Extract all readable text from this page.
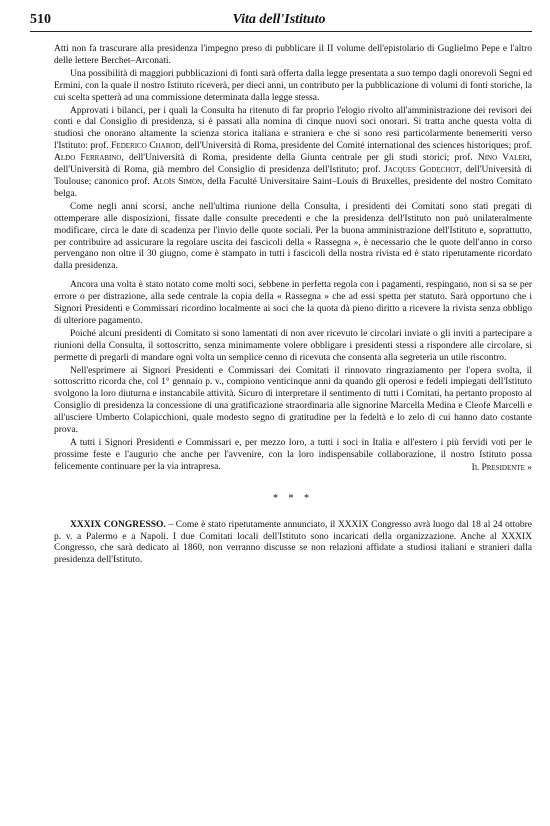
510	Vita dell'Istituto

Atti non fa trascurare alla presidenza l'impegno preso di pubblicare il II volume dell'epistolario di Guglielmo Pepe e l'altro delle lettere Berchet–Arconati.

Una possibilità di maggiori pubblicazioni di fonti sarà offerta dalla legge presentata a suo tempo dagli onorevoli Segni ed Ermini, con la quale il nostro Istituto riceverà, per dieci anni, un contributo per la pubblicazione di volumi di fonti storiche, la cui scelta spetterà ad una commissione determinata dalla legge stessa.

Approvati i bilanci, per i quali la Consulta ha ritenuto di far proprio l'elogio rivolto all'amministrazione dei revisori dei conti e dal Consiglio di presidenza, si è passati alla nomina di cinque nuovi soci onorari. Si tratta anche questa volta di studiosi che onorano altamente la scienza storica italiana e straniera e che si sono resi particolarmente benemeriti verso l'Istituto: prof. Federico Chabod, dell'Università di Roma, presidente del Comité international des sciences historiques; prof. Aldo Ferrabino, dell'Università di Roma, presidente della Giunta centrale per gli studi storici; prof. Nino Valeri, dell'Università di Roma, già membro del Consiglio di presidenza dell'Istituto; prof. Jacques Godechot, dell'Università di Toulouse; canonico prof. Aloïs Simon, della Faculté Universitaire Saint–Louis di Bruxelles, presidente del nostro Comitato belga.

Come negli anni scorsi, anche nell'ultima riunione della Consulta, i presidenti dei Comitati sono stati pregati di ottemperare alle disposizioni, fissate dalle consulte precedenti e che la presidenza dell'Istituto non può unilateralmente modificare, circa le date di scadenza per l'invio delle quote sociali. Per la buona amministrazione dell'Istituto e, soprattutto, per contribuire ad assicurare la regolare uscita dei fascicoli della « Rassegna », è necessario che le quote dell'anno in corso pervengano non oltre il 30 giugno, come è stampato in tutti i fascicoli della nostra rivista ed è stato ripetutamente ricordato dalla presidenza.

Ancora una volta è stato notato come molti soci, sebbene in perfetta regola con i pagamenti, respingano, non si sa se per errore o per distrazione, alla sede centrale la copia della « Rassegna » che ad essi spetta per statuto. Sarà opportuno che i Signori Presidenti e Commissari ricordino localmente ai soci che la quota dà pieno diritto a ricevere la rivista senza obbligo di ulteriore pagamento.

Poiché alcuni presidenti di Comitato si sono lamentati di non aver ricevuto le circolari inviate o gli inviti a partecipare a riunioni della Consulta, il sottoscritto, senza minimamente volere obbligare i presidenti stessi a rispondere alle circolare, si permette di pregarli di mandare ogni volta un semplice cenno di ricevuta che consenta alla segreteria un utile riscontro.

Nell'esprimere ai Signori Presidenti e Commissari dei Comitati il rinnovato ringraziamento per l'opera svolta, il sottoscritto ricorda che, col 1° gennaio p. v., compiono venticinque anni da quando gli operosi e fedeli impiegati dell'Istituto svolgono la loro diuturna e instancabile attività. Sicuro di interpretare il sentimento di tutti i Comitati, ha pertanto proposto al Consiglio di presidenza la concessione di una gratificazione straordinaria alle signorine Marcella Medina e Cleofe Marcelli e all'usciere Umberto Colapicchioni, quale modesto segno di gratitudine per la fedeltà e lo zelo di cui hanno dato costante prova.

A tutti i Signori Presidenti e Commissari e, per mezzo loro, a tutti i soci in Italia e all'estero i più fervidi voti per le prossime feste e l'augurio che anche per l'avvenire, con la loro indispensabile collaborazione, il nostro Istituto possa felicemente continuare per la via intrapresa.	Il Presidente »
* * *

XXXIX CONGRESSO. – Come è stato ripetutamente annunciato, il XXXIX Congresso avrà luogo dal 18 al 24 ottobre p. v. a Palermo e a Napoli. I due Comitati locali dell'Istituto sono incaricati della organizzazione. Anche al XXXIX Congresso, che sarà dedicato al 1860, non verranno discusse se non relazioni affidate a studiosi italiani e stranieri dalla presidenza dell'Istituto.
